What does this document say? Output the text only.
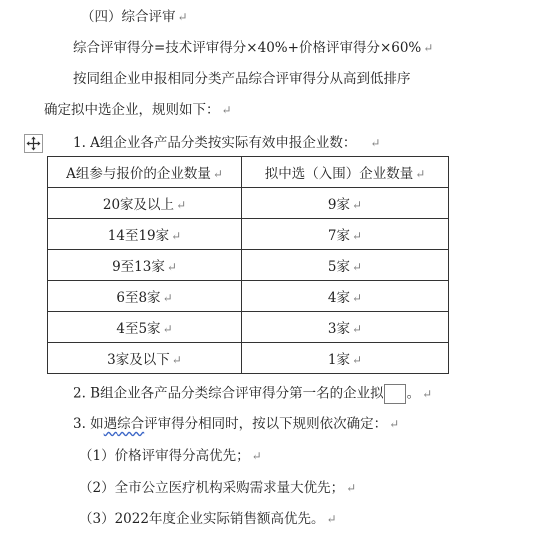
（四）综合评审 ↵
综合评审得分=技术评审得分×40%+价格评审得分×60% ↵
按同组企业申报相同分类产品综合评审得分从高到低排序
确定拟中选企业，规则如下： ↵
1. A组企业各产品分类按实际有效申报企业数： ↵
A组参与报价的企业数量 ↵	拟中选（入围）企业数量 ↵
20家及以上 ↵	9家 ↵
14至19家 ↵	7家 ↵
9至13家 ↵	5家 ↵
6至8家 ↵	4家 ↵
4至5家 ↵	3家 ↵
3家及以下 ↵	1家 ↵
2. B组企业各产品分类综合评审得分第一名的企业拟 。 ↵
3. 如遇综合评审得分相同时，按以下规则依次确定： ↵
（1）价格评审得分高优先； ↵
（2）全市公立医疗机构采购需求量大优先； ↵
（3）2022年度企业实际销售额高优先。 ↵
